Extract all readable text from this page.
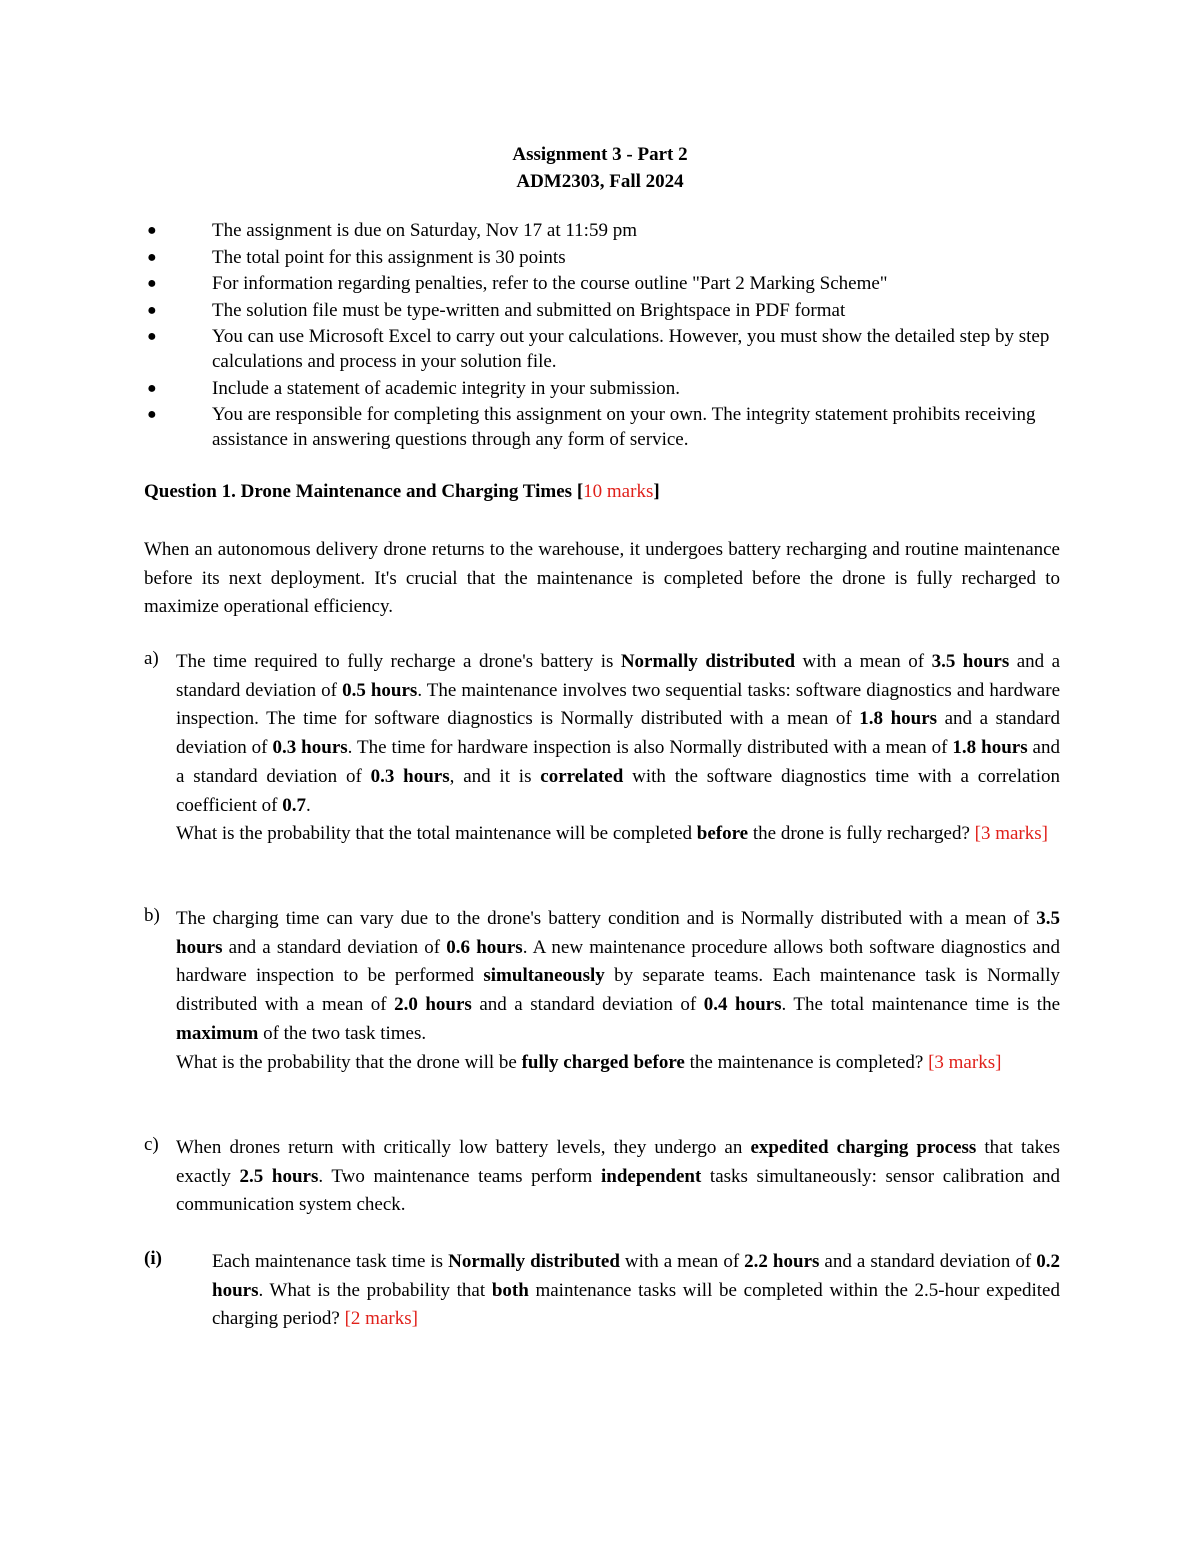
Assignment 3 - Part 2
ADM2303, Fall 2024
●	The assignment is due on Saturday, Nov 17 at 11:59 pm
●	The total point for this assignment is 30 points
●	For information regarding penalties, refer to the course outline "Part 2 Marking Scheme"
●	The solution file must be type-written and submitted on Brightspace in PDF format
●	You can use Microsoft Excel to carry out your calculations. However, you must show the detailed step by step calculations and process in your solution file.
●	Include a statement of academic integrity in your submission.
●	You are responsible for completing this assignment on your own. The integrity statement prohibits receiving assistance in answering questions through any form of service.
Question 1. Drone Maintenance and Charging Times [10 marks]
When an autonomous delivery drone returns to the warehouse, it undergoes battery recharging and routine maintenance before its next deployment. It's crucial that the maintenance is completed before the drone is fully recharged to maximize operational efficiency.
a) The time required to fully recharge a drone's battery is Normally distributed with a mean of 3.5 hours and a standard deviation of 0.5 hours. The maintenance involves two sequential tasks: software diagnostics and hardware inspection. The time for software diagnostics is Normally distributed with a mean of 1.8 hours and a standard deviation of 0.3 hours. The time for hardware inspection is also Normally distributed with a mean of 1.8 hours and a standard deviation of 0.3 hours, and it is correlated with the software diagnostics time with a correlation coefficient of 0.7.

What is the probability that the total maintenance will be completed before the drone is fully recharged? [3 marks]

b) The charging time can vary due to the drone's battery condition and is Normally distributed with a mean of 3.5 hours and a standard deviation of 0.6 hours. A new maintenance procedure allows both software diagnostics and hardware inspection to be performed simultaneously by separate teams. Each maintenance task is Normally distributed with a mean of 2.0 hours and a standard deviation of 0.4 hours. The total maintenance time is the maximum of the two task times.

What is the probability that the drone will be fully charged before the maintenance is completed? [3 marks]

c) When drones return with critically low battery levels, they undergo an expedited charging process that takes exactly 2.5 hours. Two maintenance teams perform independent tasks simultaneously: sensor calibration and communication system check.

(i)	Each maintenance task time is Normally distributed with a mean of 2.2 hours and a standard deviation of 0.2 hours. What is the probability that both maintenance tasks will be completed within the 2.5-hour expedited charging period? [2 marks]
